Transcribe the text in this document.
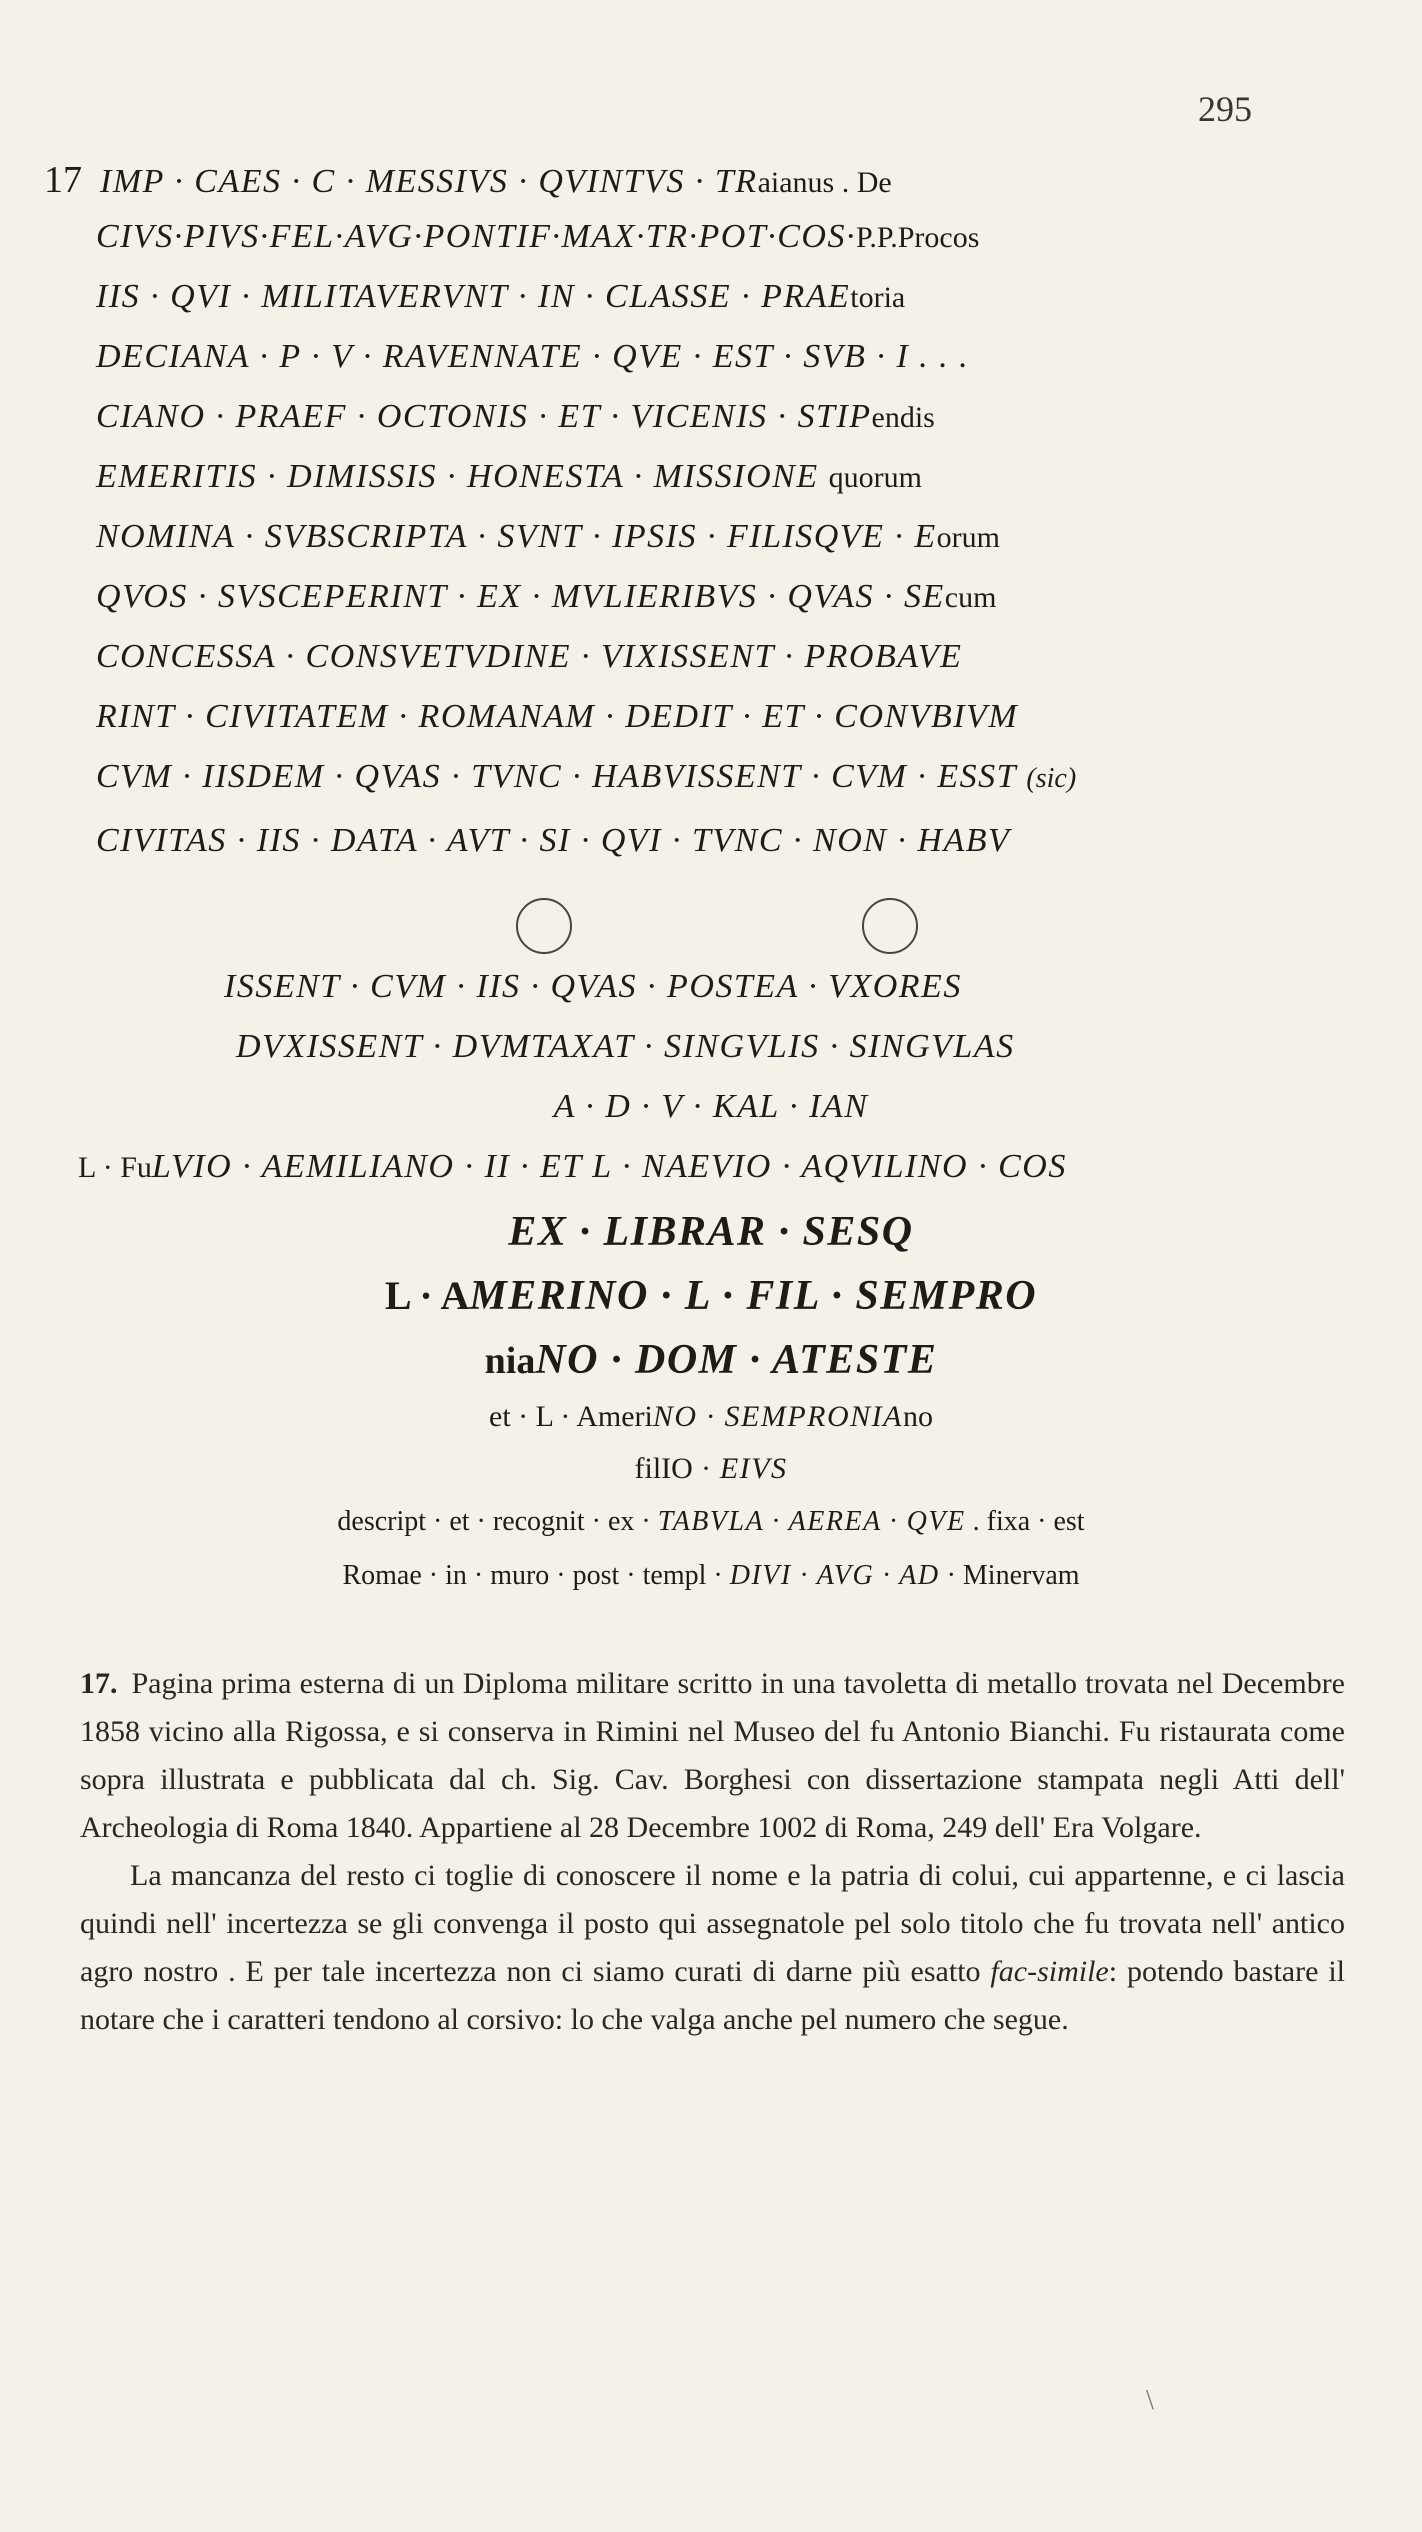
295
17 IMP · CAES · C · MESSIVS · QVINTVS · TRaianus . De
CIVS·PIVS·FEL·AVG·PONTIF·MAX·TR·POT·COS·P.P.Procos
IIS · QVI · MILITAVERVNT · IN · CLASSE · PRAEtoria
DECIANA · P · V · RAVENNATE · QVE · EST · SVB · I . . .
CIANO · PRAEF · OCTONIS · ET · VICENIS · STIPendis
EMERITIS · DIMISSIS · HONESTA · MISSIONE quorum
NOMINA · SVBSCRIPTA · SVNT · IPSIS · FILISQVE · Eorum
QVOS · SVSCEPERINT · EX · MVLIERIBVS · QVAS · SEcum
CONCESSA · CONSVETVDINE · VIXISSENT · PROBAVE
RINT · CIVITATEM · ROMANAM · DEDIT · ET · CONVBIVM
CVM · IISDEM · QVAS · TVNC · HABVISSENT · CVM · ESST (sic)
CIVITAS · IIS · DATA · AVT · SI · QVI · TVNC · NON · HABV
ISSENT · CVM · IIS · QVAS · POSTEA · VXORES
DVXISSENT · DVMTAXAT · SINGVLIS · SINGVLAS
A · D · V · KAL · IAN
L · FuLVIO · AEMILIANO · II · ET L · NAEVIO · AQVILINO · COS
EX · LIBRAR · SESQ
L · AMERINO · L · FIL · SEMPRO
niaNO · DOM · ATESTE
et · L · AmeriNO · SEMPRONIAno
filIO · EIVS
descript · et · recognit · ex · TABVLA · AEREA · QVE . fixa · est
Romae · in · muro · post · templ · DIVI · AVG · AD · Minervam

17. Pagina prima esterna di un Diploma militare scritto in una tavoletta di metallo trovata nel Decembre 1858 vicino alla Rigossa, e si conserva in Rimini nel Museo del fu Antonio Bianchi. Fu ristaurata come sopra illustrata e pubblicata dal ch. Sig. Cav. Borghesi con dissertazione stampata negli Atti dell' Archeologia di Roma 1840. Appartiene al 28 Decembre 1002 di Roma, 249 dell' Era Volgare.

La mancanza del resto ci toglie di conoscere il nome e la patria di colui, cui appartenne, e ci lascia quindi nell' incertezza se gli convenga il posto qui assegnatole pel solo titolo che fu trovata nell' antico agro nostro . E per tale incertezza non ci siamo curati di darne più esatto fac-simile: potendo bastare il notare che i caratteri tendono al corsivo: lo che valga anche pel numero che segue.

\
